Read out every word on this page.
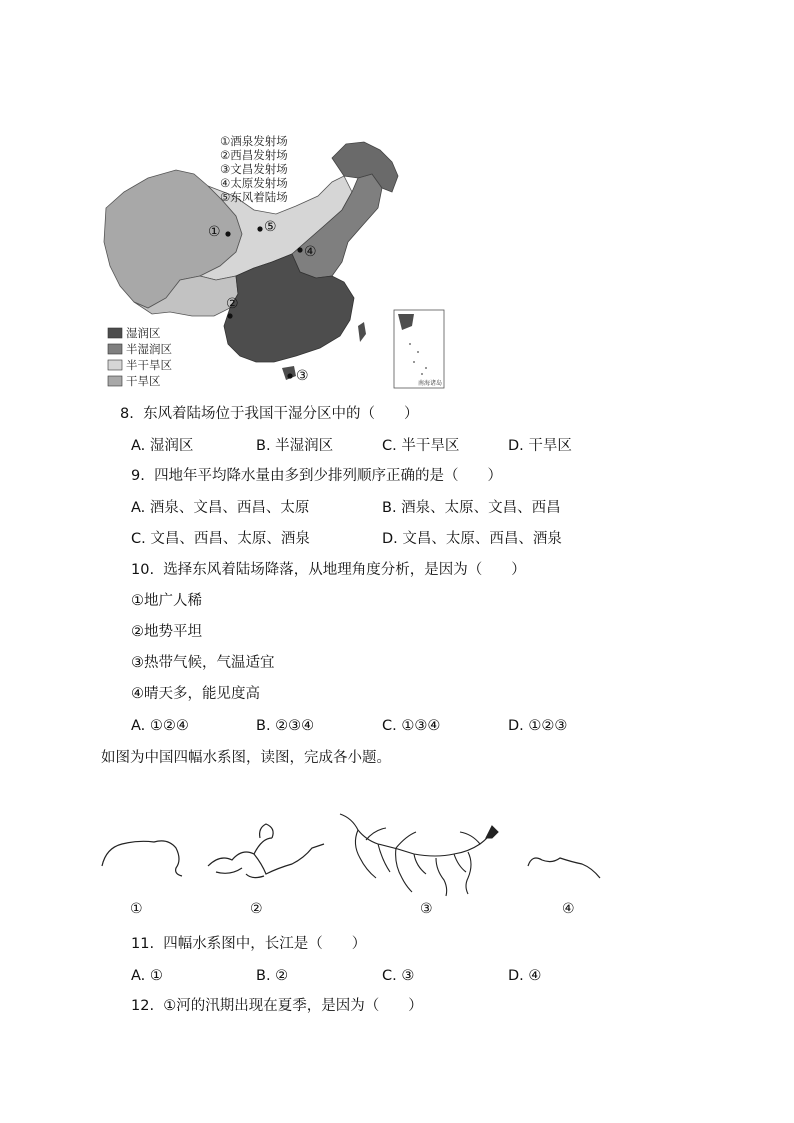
①	⑤
④
②
③
①酒泉发射场
②西昌发射场
③文昌发射场
④太原发射场
⑤东风着陆场
湿润区
半湿润区
半干旱区
干旱区	南海诸岛
8. 东风着陆场位于我国干湿分区中的（　　）
A. 湿润区	B. 半湿润区	C. 半干旱区	D. 干旱区
9. 四地年平均降水量由多到少排列顺序正确的是（　　）
A. 酒泉、文昌、西昌、太原	B. 酒泉、太原、文昌、西昌
C. 文昌、西昌、太原、酒泉	D. 文昌、太原、西昌、酒泉
10. 选择东风着陆场降落，从地理角度分析，是因为（　　）
①地广人稀
②地势平坦
③热带气候，气温适宜
④晴天多，能见度高
A. ①②④	B. ②③④	C. ①③④	D. ①②③
如图为中国四幅水系图，读图，完成各小题。
①	②	③	④
11. 四幅水系图中，长江是（　　）
A. ①	B. ②	C. ③	D. ④
12. ①河的汛期出现在夏季，是因为（　　）
